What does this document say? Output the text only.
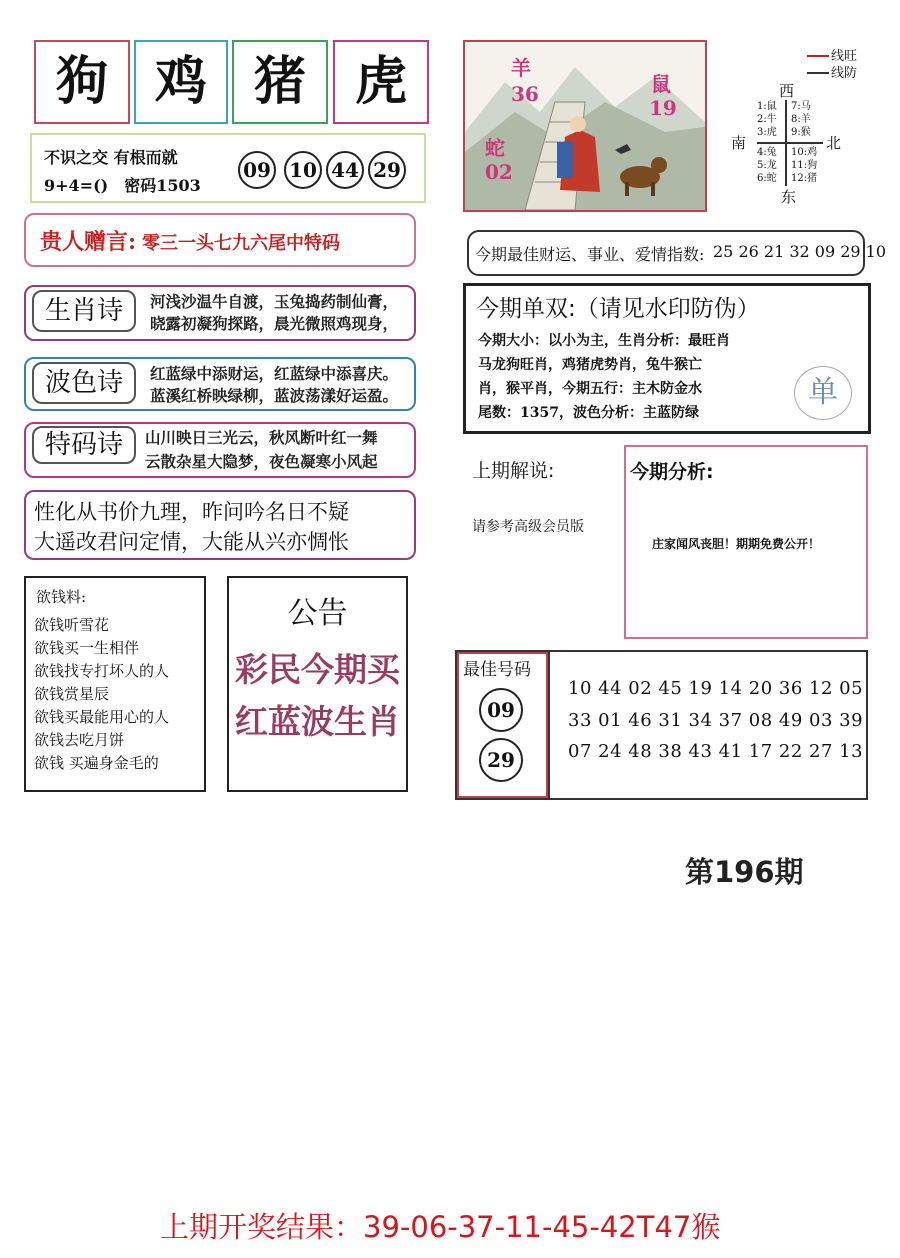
狗 鸡 猪 虎
不识之交 有根而就
9+4=()　密码1503
09 10 44 29
羊
36	鼠
19
蛇
02
线旺
线防
西
南	北
东
1:鼠
2:牛
3:虎
7:马
8:羊
9:猴
4:兔
5:龙
6:蛇
10:鸡
11:狗
12:猪
贵人赠言: 零三一头七九六尾中特码
今期最佳财运、事业、爱情指数: 25 26 21 32 09 29 10
生肖诗	河浅沙温牛自渡，玉兔捣药制仙膏，
晓露初凝狗探路，晨光微照鸡现身，
波色诗	红蓝绿中添财运，红蓝绿中添喜庆。
蓝溪红桥映绿柳，蓝波荡漾好运盈。
特码诗	山川映日三光云，秋风断叶红一舞
云散杂星大隐梦，夜色凝寒小风起
性化从书价九理，昨问吟名日不疑
大遥改君问定情，大能从兴亦惆怅
今期单双:（请见水印防伪）
今期大小：以小为主，生肖分析：最旺肖
马龙狗旺肖，鸡猪虎势肖，兔牛猴亡
肖，猴平肖，今期五行：主木防金水
尾数：1357，波色分析：主蓝防绿
单
上期解说:
请参考高级会员版
今期分析:
庄家闻风丧胆！期期免费公开！
欲钱料:
欲钱听雪花
欲钱买一生相伴
欲钱找专打坏人的人
欲钱赏星辰
欲钱买最能用心的人
欲钱去吃月饼
欲钱 买遍身金毛的
公告
彩民今期买
红蓝波生肖
最佳号码
09
29
10 44 02 45 19 14 20 36 12 05
33 01 46 31 34 37 08 49 03 39
07 24 48 38 43 41 17 22 27 13
第196期
上期开奖结果：39-06-37-11-45-42T47猴
